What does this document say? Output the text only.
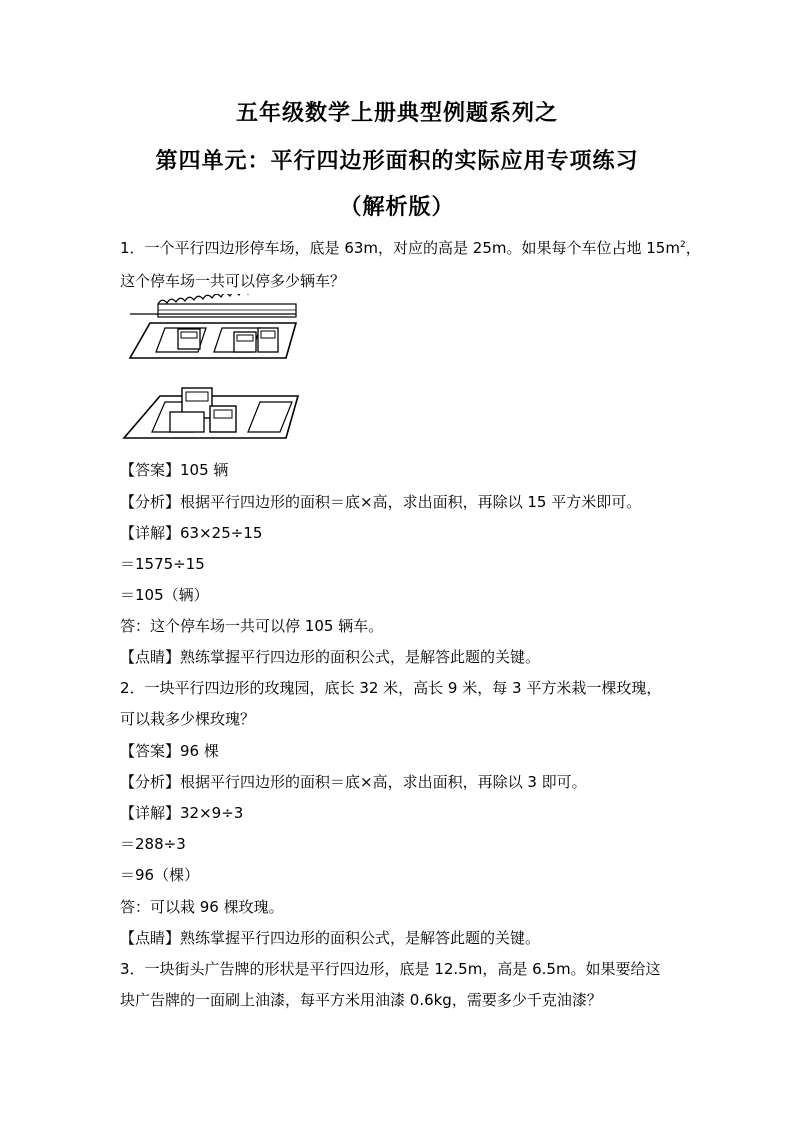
五年级数学上册典型例题系列之
第四单元：平行四边形面积的实际应用专项练习
（解析版）
1．一个平行四边形停车场，底是 63m，对应的高是 25m。如果每个车位占地 $15m^2$，
这个停车场一共可以停多少辆车？
【答案】105 辆
【分析】根据平行四边形的面积＝底×高，求出面积，再除以 15 平方米即可。
【详解】63×25÷15
＝1575÷15
＝105（辆）
答：这个停车场一共可以停 105 辆车。
【点睛】熟练掌握平行四边形的面积公式，是解答此题的关键。
2．一块平行四边形的玫瑰园，底长 32 米，高长 9 米，每 3 平方米栽一棵玫瑰，
可以栽多少棵玫瑰？
【答案】96 棵
【分析】根据平行四边形的面积＝底×高，求出面积，再除以 3 即可。
【详解】32×9÷3
＝288÷3
＝96（棵）
答：可以栽 96 棵玫瑰。
【点睛】熟练掌握平行四边形的面积公式，是解答此题的关键。
3．一块街头广告牌的形状是平行四边形，底是 12.5m，高是 6.5m。如果要给这
块广告牌的一面刷上油漆，每平方米用油漆 0.6kg，需要多少千克油漆？
